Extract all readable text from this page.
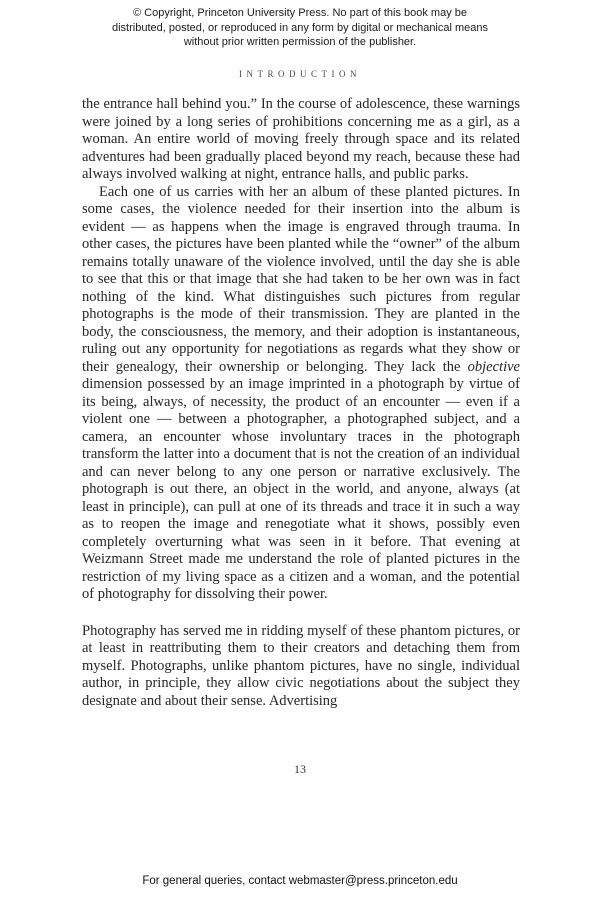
© Copyright, Princeton University Press. No part of this book may be distributed, posted, or reproduced in any form by digital or mechanical means without prior written permission of the publisher.
INTRODUCTION

the entrance hall behind you.” In the course of adolescence, these warnings were joined by a long series of prohibitions concerning me as a girl, as a woman. An entire world of moving freely through space and its related adventures had been gradually placed beyond my reach, because these had always involved walking at night, entrance halls, and public parks.

Each one of us carries with her an album of these planted pictures. In some cases, the violence needed for their insertion into the album is evident — as happens when the image is engraved through trauma. In other cases, the pictures have been planted while the “owner” of the album remains totally unaware of the violence involved, until the day she is able to see that this or that image that she had taken to be her own was in fact nothing of the kind. What distinguishes such pictures from regular photographs is the mode of their transmission. They are planted in the body, the consciousness, the memory, and their adoption is instantaneous, ruling out any opportunity for negotiations as regards what they show or their genealogy, their ownership or belonging. They lack the objective dimension possessed by an image imprinted in a photograph by virtue of its being, always, of necessity, the product of an encounter — even if a violent one — between a photographer, a photographed subject, and a camera, an encounter whose involuntary traces in the photograph transform the latter into a document that is not the creation of an individual and can never belong to any one person or narrative exclusively. The photograph is out there, an object in the world, and anyone, always (at least in principle), can pull at one of its threads and trace it in such a way as to reopen the image and renegotiate what it shows, possibly even completely overturning what was seen in it before. That evening at Weizmann Street made me understand the role of planted pictures in the restriction of my living space as a citizen and a woman, and the potential of photography for dissolving their power.

Photography has served me in ridding myself of these phantom pictures, or at least in reattributing them to their creators and detaching them from myself. Photographs, unlike phantom pictures, have no single, individual author, in principle, they allow civic negotiations about the subject they designate and about their sense. Advertising

13
For general queries, contact webmaster@press.princeton.edu
